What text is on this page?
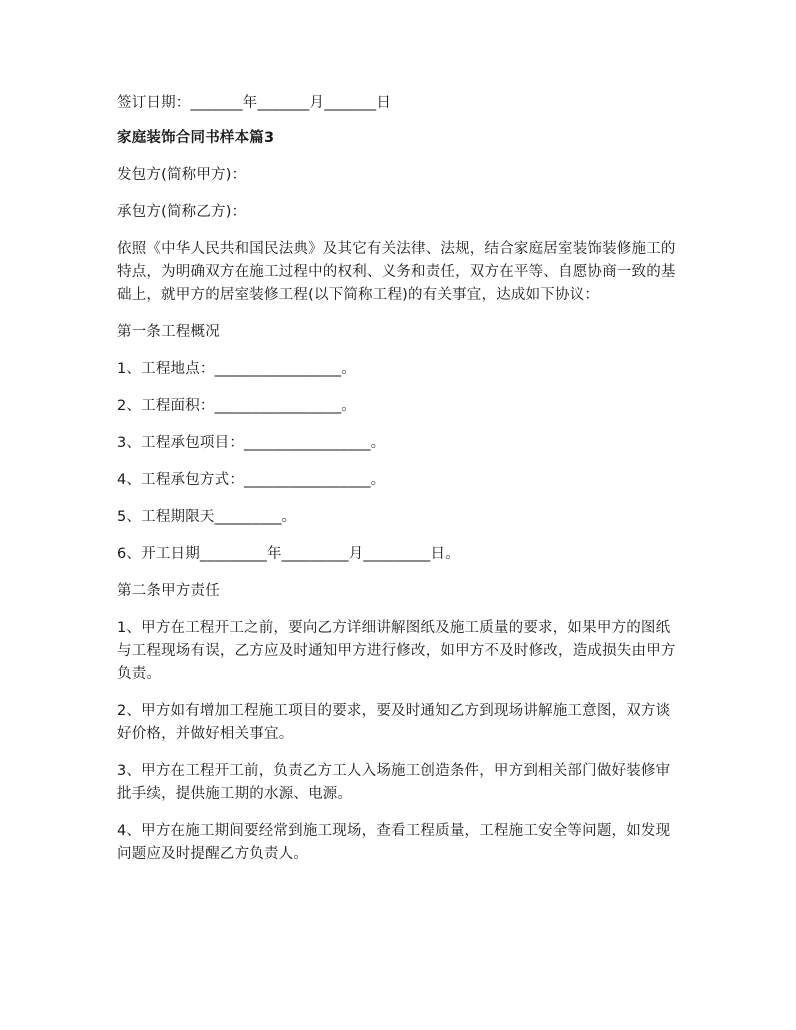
签订日期：_______年_______月_______日

家庭装饰合同书样本篇3

发包方(简称甲方)：

承包方(简称乙方)：

依照《中华人民共和国民法典》及其它有关法律、法规，结合家庭居室装饰装修施工的特点，为明确双方在施工过程中的权利、义务和责任，双方在平等、自愿协商一致的基础上，就甲方的居室装修工程(以下简称工程)的有关事宜，达成如下协议：

第一条工程概况

1、工程地点：_________________。

2、工程面积：_________________。

3、工程承包项目：_________________。

4、工程承包方式：_________________。

5、工程期限天_________。

6、开工日期_________年_________月_________日。

第二条甲方责任

1、甲方在工程开工之前，要向乙方详细讲解图纸及施工质量的要求，如果甲方的图纸与工程现场有误，乙方应及时通知甲方进行修改，如甲方不及时修改，造成损失由甲方负责。

2、甲方如有增加工程施工项目的要求，要及时通知乙方到现场讲解施工意图，双方谈好价格，并做好相关事宜。

3、甲方在工程开工前，负责乙方工人入场施工创造条件，甲方到相关部门做好装修审批手续，提供施工期的水源、电源。

4、甲方在施工期间要经常到施工现场，查看工程质量，工程施工安全等问题，如发现问题应及时提醒乙方负责人。
